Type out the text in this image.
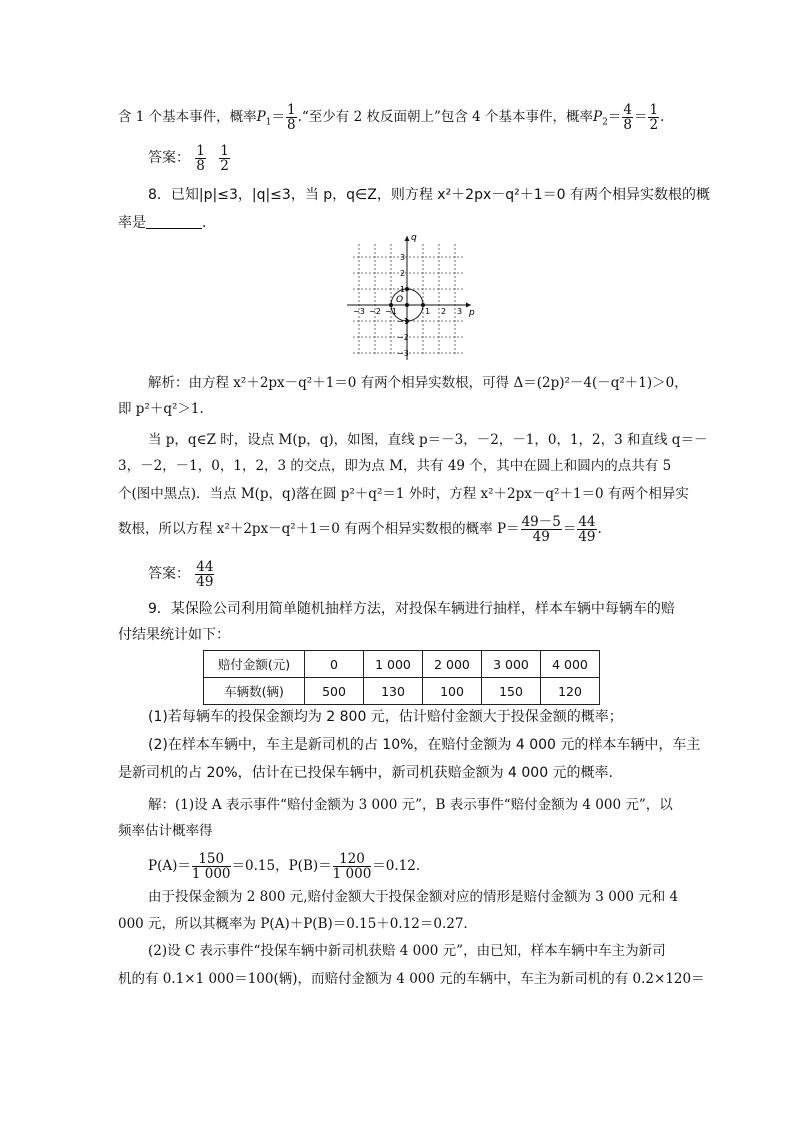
含 1 个基本事件，概率$P_1= \frac{1}{8}$ .“至少有 2 枚反面朝上”包含 4 个基本事件，概率$P_2= \frac{4}{8} = \frac{1}{2}$ .
答案： $\frac{1}{8}$
$\frac{1}{2}$
8．已知|p|≤3，|q|≤3，当 p，q∈Z，则方程 x²＋2px－q²＋1＝0 有两个相异实数根的概
率是	．
p
q
O
−3 −2 −1	1 2 3
3
2
1
−1
−2
−3
解析：由方程 x²＋2px－q²＋1＝0 有两个相异实数根，可得 Δ＝(2p)²－4(－q²＋1)＞0，
即 p²＋q²＞1.
当 p，q∈Z 时，设点 M(p，q)，如图，直线 p＝－3，－2，－1，0，1，2，3 和直线 q＝－
3，－2，－1，0，1，2，3 的交点，即为点 M，共有 49 个，其中在圆上和圆内的点共有 5
个(图中黑点)．当点 M(p，q)落在圆 p²＋q²＝1 外时，方程 x²＋2px－q²＋1＝0 有两个相异实
数根，所以方程 x²＋2px－q²＋1＝0 有两个相异实数根的概率 $P= \frac{49-5}{49} = \frac{44}{49}$ .
答案： $\frac{44}{49}$
9．某保险公司利用简单随机抽样方法，对投保车辆进行抽样，样本车辆中每辆车的赔
付结果统计如下：
赔付金额(元)	0	1 000	2 000	3 000	4 000
车辆数(辆)	500	130	100	150	120
(1)若每辆车的投保金额均为 2 800 元，估计赔付金额大于投保金额的概率；
(2)在样本车辆中，车主是新司机的占 10%，在赔付金额为 4 000 元的样本车辆中，车主
是新司机的占 20%，估计在已投保车辆中，新司机获赔金额为 4 000 元的概率.
解：(1)设 A 表示事件“赔付金额为 3 000 元”，B 表示事件“赔付金额为 4 000 元”，以
频率估计概率得
$P(A)= \frac{150}{1 000} =0.15$，$P(B)= \frac{120}{1 000} =0.12$.
由于投保金额为 2 800 元,赔付金额大于投保金额对应的情形是赔付金额为 3 000 元和 4
000 元，所以其概率为 P(A)＋P(B)＝0.15＋0.12＝0.27.
(2)设 C 表示事件“投保车辆中新司机获赔 4 000 元”，由已知，样本车辆中车主为新司
机的有 0.1×1 000＝100(辆)，而赔付金额为 4 000 元的车辆中，车主为新司机的有 0.2×120＝
